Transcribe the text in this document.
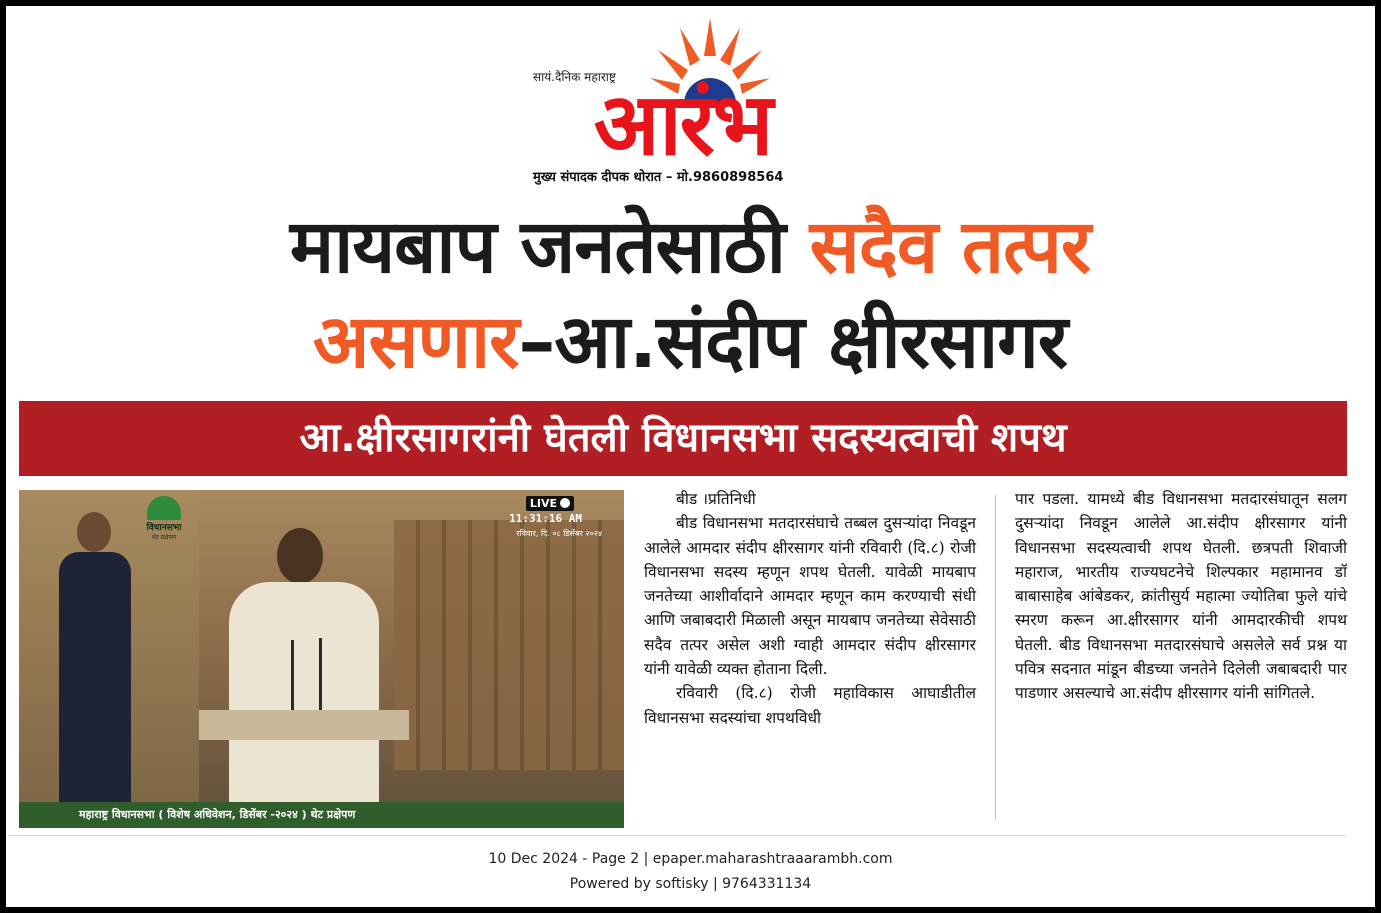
सायं.दैनिक महाराष्ट्र
आरंभ
मुख्य संपादक दीपक थोरात – मो.9860898564
मायबाप जनतेसाठी सदैव तत्पर
असणार–आ.संदीप क्षीरसागर
आ.क्षीरसागरांनी घेतली विधानसभा सदस्यत्वाची शपथ
विधानसभा
थेट प्रक्षेपण
LIVE
11:31:16 AM
रविवार, दि. ०८ डिसेंबर २०२४
महाराष्ट्र विधानसभा ( विशेष अधिवेशन, डिसेंबर -२०२४ ) थेट प्रक्षेपण

बीड ।प्रतिनिधी

बीड विधानसभा मतदारसंघाचे तब्बल दुसऱ्यांदा निवडून आलेले आमदार संदीप क्षीरसागर यांनी रविवारी (दि.८) रोजी विधानसभा सदस्य म्हणून शपथ घेतली. यावेळी मायबाप जनतेच्या आशीर्वादाने आमदार म्हणून काम करण्याची संधी आणि जबाबदारी मिळाली असून मायबाप जनतेच्या सेवेसाठी सदैव तत्पर असेल अशी ग्वाही आमदार संदीप क्षीरसागर यांनी यावेळी व्यक्त होताना दिली.

रविवारी (दि.८) रोजी महाविकास आघाडीतील विधानसभा सदस्यांचा शपथविधी

पार पडला. यामध्ये बीड विधानसभा मतदारसंघातून सलग दुसऱ्यांदा निवडून आलेले आ.संदीप क्षीरसागर यांनी विधानसभा सदस्यत्वाची शपथ घेतली. छत्रपती शिवाजी महाराज, भारतीय राज्यघटनेचे शिल्पकार महामानव डॉ बाबासाहेब आंबेडकर, क्रांतीसुर्य महात्मा ज्योतिबा फुले यांचे स्मरण करून आ.क्षीरसागर यांनी आमदारकीची शपथ घेतली. बीड विधानसभा मतदारसंघाचे असलेले सर्व प्रश्न या पवित्र सदनात मांडून बीडच्या जनतेने दिलेली जबाबदारी पार पाडणार असल्याचे आ.संदीप क्षीरसागर यांनी सांगितले.

10 Dec 2024 - Page 2 | epaper.maharashtraaarambh.com
Powered by softisky | 9764331134
